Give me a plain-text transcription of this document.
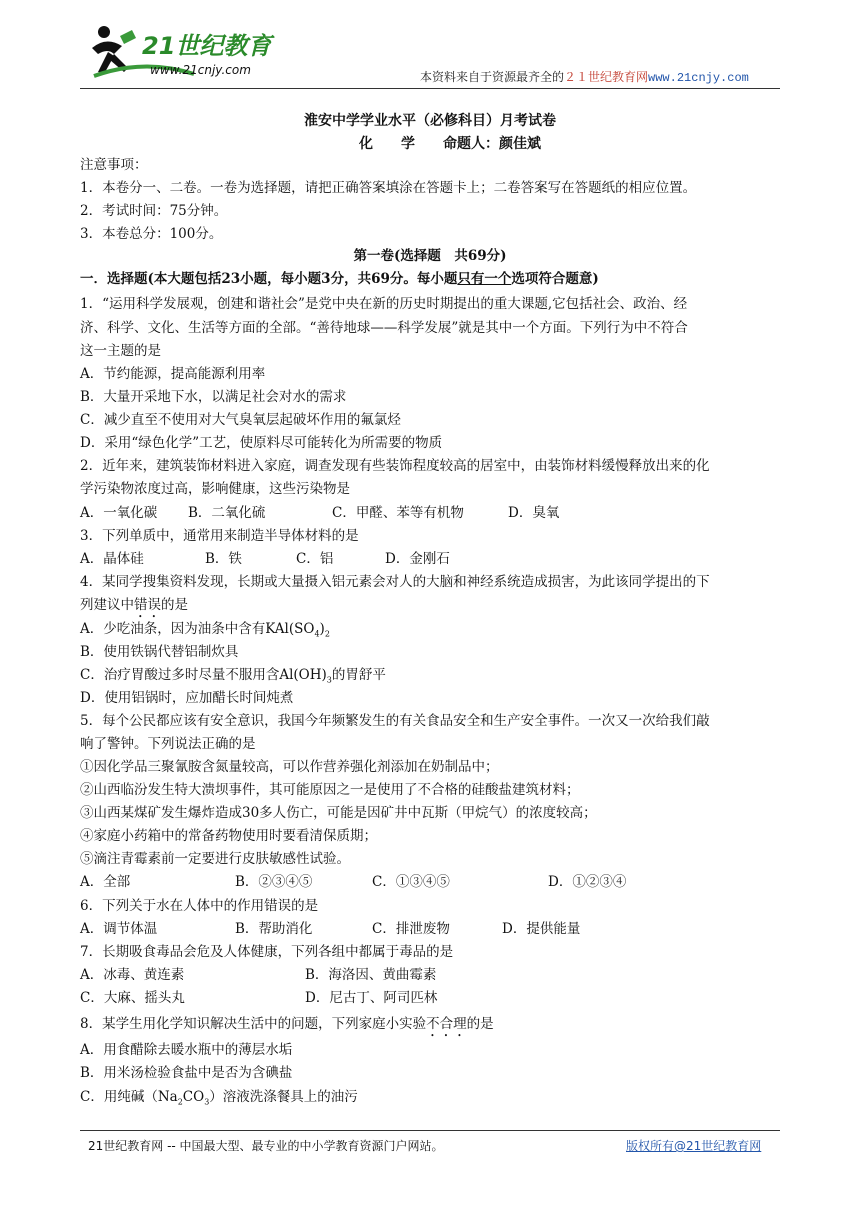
21世纪教育
www.21cnjy.com	本资料来自于资源最齐全的２１世纪教育网www.21cnjy.com
淮安中学学业水平（必修科目）月考试卷
化　　学　　命题人：颜佳斌
注意事项：
1．本卷分一、二卷。一卷为选择题，请把正确答案填涂在答题卡上；二卷答案写在答题纸的相应位置。
2．考试时间：75分钟。
3．本卷总分：100分。
第一卷(选择题　共69分)
一．选择题(本大题包括23小题，每小题3分，共69分。每小题只有一个选项符合题意)
1．“运用科学发展观，创建和谐社会”是党中央在新的历史时期提出的重大课题,它包括社会、政治、经
济、科学、文化、生活等方面的全部。“善待地球——科学发展”就是其中一个方面。下列行为中不符合
这一主题的是
A．节约能源，提高能源利用率
B．大量开采地下水，以满足社会对水的需求
C．减少直至不使用对大气臭氧层起破坏作用的氟氯烃
D．采用“绿色化学”工艺，使原料尽可能转化为所需要的物质
2．近年来，建筑装饰材料进入家庭，调查发现有些装饰程度较高的居室中，由装饰材料缓慢释放出来的化
学污染物浓度过高，影响健康，这些污染物是
A．一氧化碳 B．二氧化硫	C．甲醛、苯等有机物	D．臭氧
3．下列单质中，通常用来制造半导体材料的是
A．晶体硅	B．铁	C．铝	D．金刚石
4．某同学搜集资料发现，长期或大量摄入铝元素会对人的大脑和神经系统造成损害，为此该同学提出的下
列建议中错误的是
A．少吃油条，因为油条中含有$KAl(SO_4)_2$
B．使用铁锅代替铝制炊具
C．治疗胃酸过多时尽量不服用含$Al(OH)_3$的胃舒平
D．使用铝锅时，应加醋长时间炖煮
5．每个公民都应该有安全意识，我国今年频繁发生的有关食品安全和生产安全事件。一次又一次给我们敲
响了警钟。下列说法正确的是
①因化学品三聚氰胺含氮量较高，可以作营养强化剂添加在奶制品中；
②山西临汾发生特大溃坝事件，其可能原因之一是使用了不合格的硅酸盐建筑材料；
③山西某煤矿发生爆炸造成30多人伤亡，可能是因矿井中瓦斯（甲烷气）的浓度较高；
④家庭小药箱中的常备药物使用时要看清保质期；
⑤滴注青霉素前一定要进行皮肤敏感性试验。
A．全部	B．②③④⑤	C．①③④⑤	D．①②③④
6．下列关于水在人体中的作用错误的是
A．调节体温	B．帮助消化	C．排泄废物	D．提供能量
7．长期吸食毒品会危及人体健康，下列各组中都属于毒品的是
A．冰毒、黄连素	B．海洛因、黄曲霉素
C．大麻、摇头丸	D．尼古丁、阿司匹林
8．某学生用化学知识解决生活中的问题，下列家庭小实验不合理的是
A．用食醋除去暖水瓶中的薄层水垢
B．用米汤检验食盐中是否为含碘盐
C．用纯碱$(Na_2CO_3)$溶液洗涤餐具上的油污
21世纪教育网 -- 中国最大型、最专业的中小学教育资源门户网站。	版权所有@21世纪教育网
